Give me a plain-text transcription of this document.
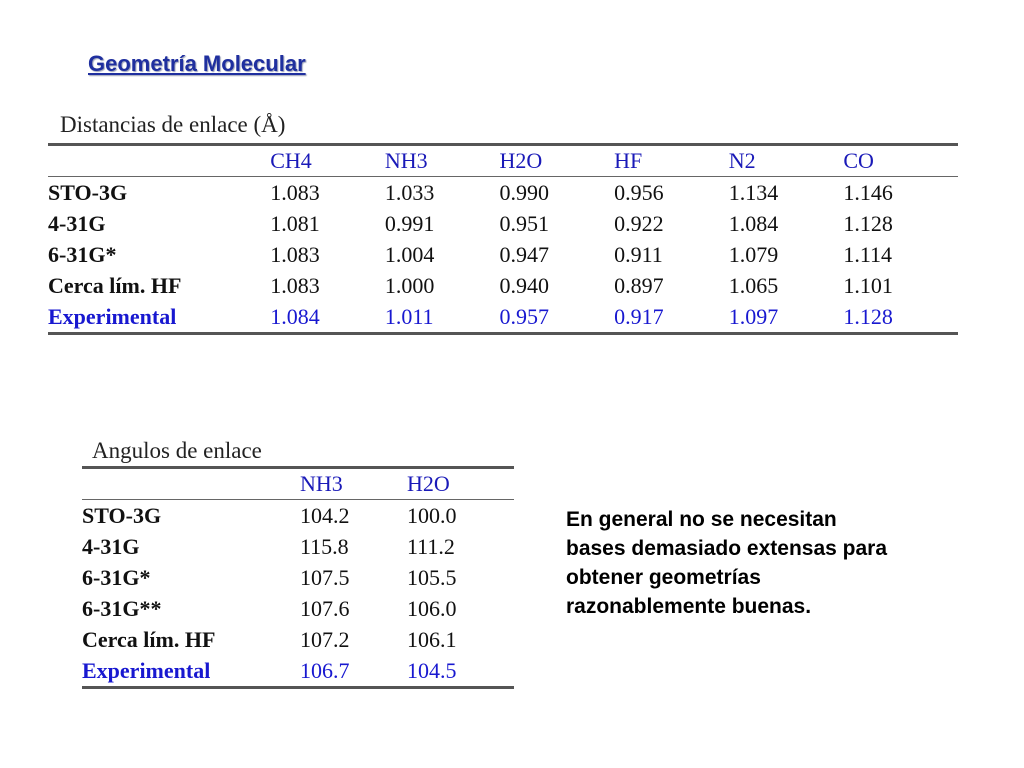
Geometría Molecular
Distancias de enlace (Å)
	CH4	NH3	H2O	HF	N2	CO
STO-3G	1.083	1.033	0.990	0.956	1.134	1.146
4-31G	1.081	0.991	0.951	0.922	1.084	1.128
6-31G*	1.083	1.004	0.947	0.911	1.079	1.114
Cerca lím. HF	1.083	1.000	0.940	0.897	1.065	1.101
Experimental	1.084	1.011	0.957	0.917	1.097	1.128
Angulos de enlace
	NH3	H2O
STO-3G	104.2	100.0
4-31G	115.8	111.2
6-31G*	107.5	105.5
6-31G**	107.6	106.0
Cerca lím. HF	107.2	106.1
Experimental	106.7	104.5
En general no se necesitan
bases demasiado extensas para
obtener geometrías
razonablemente buenas.
